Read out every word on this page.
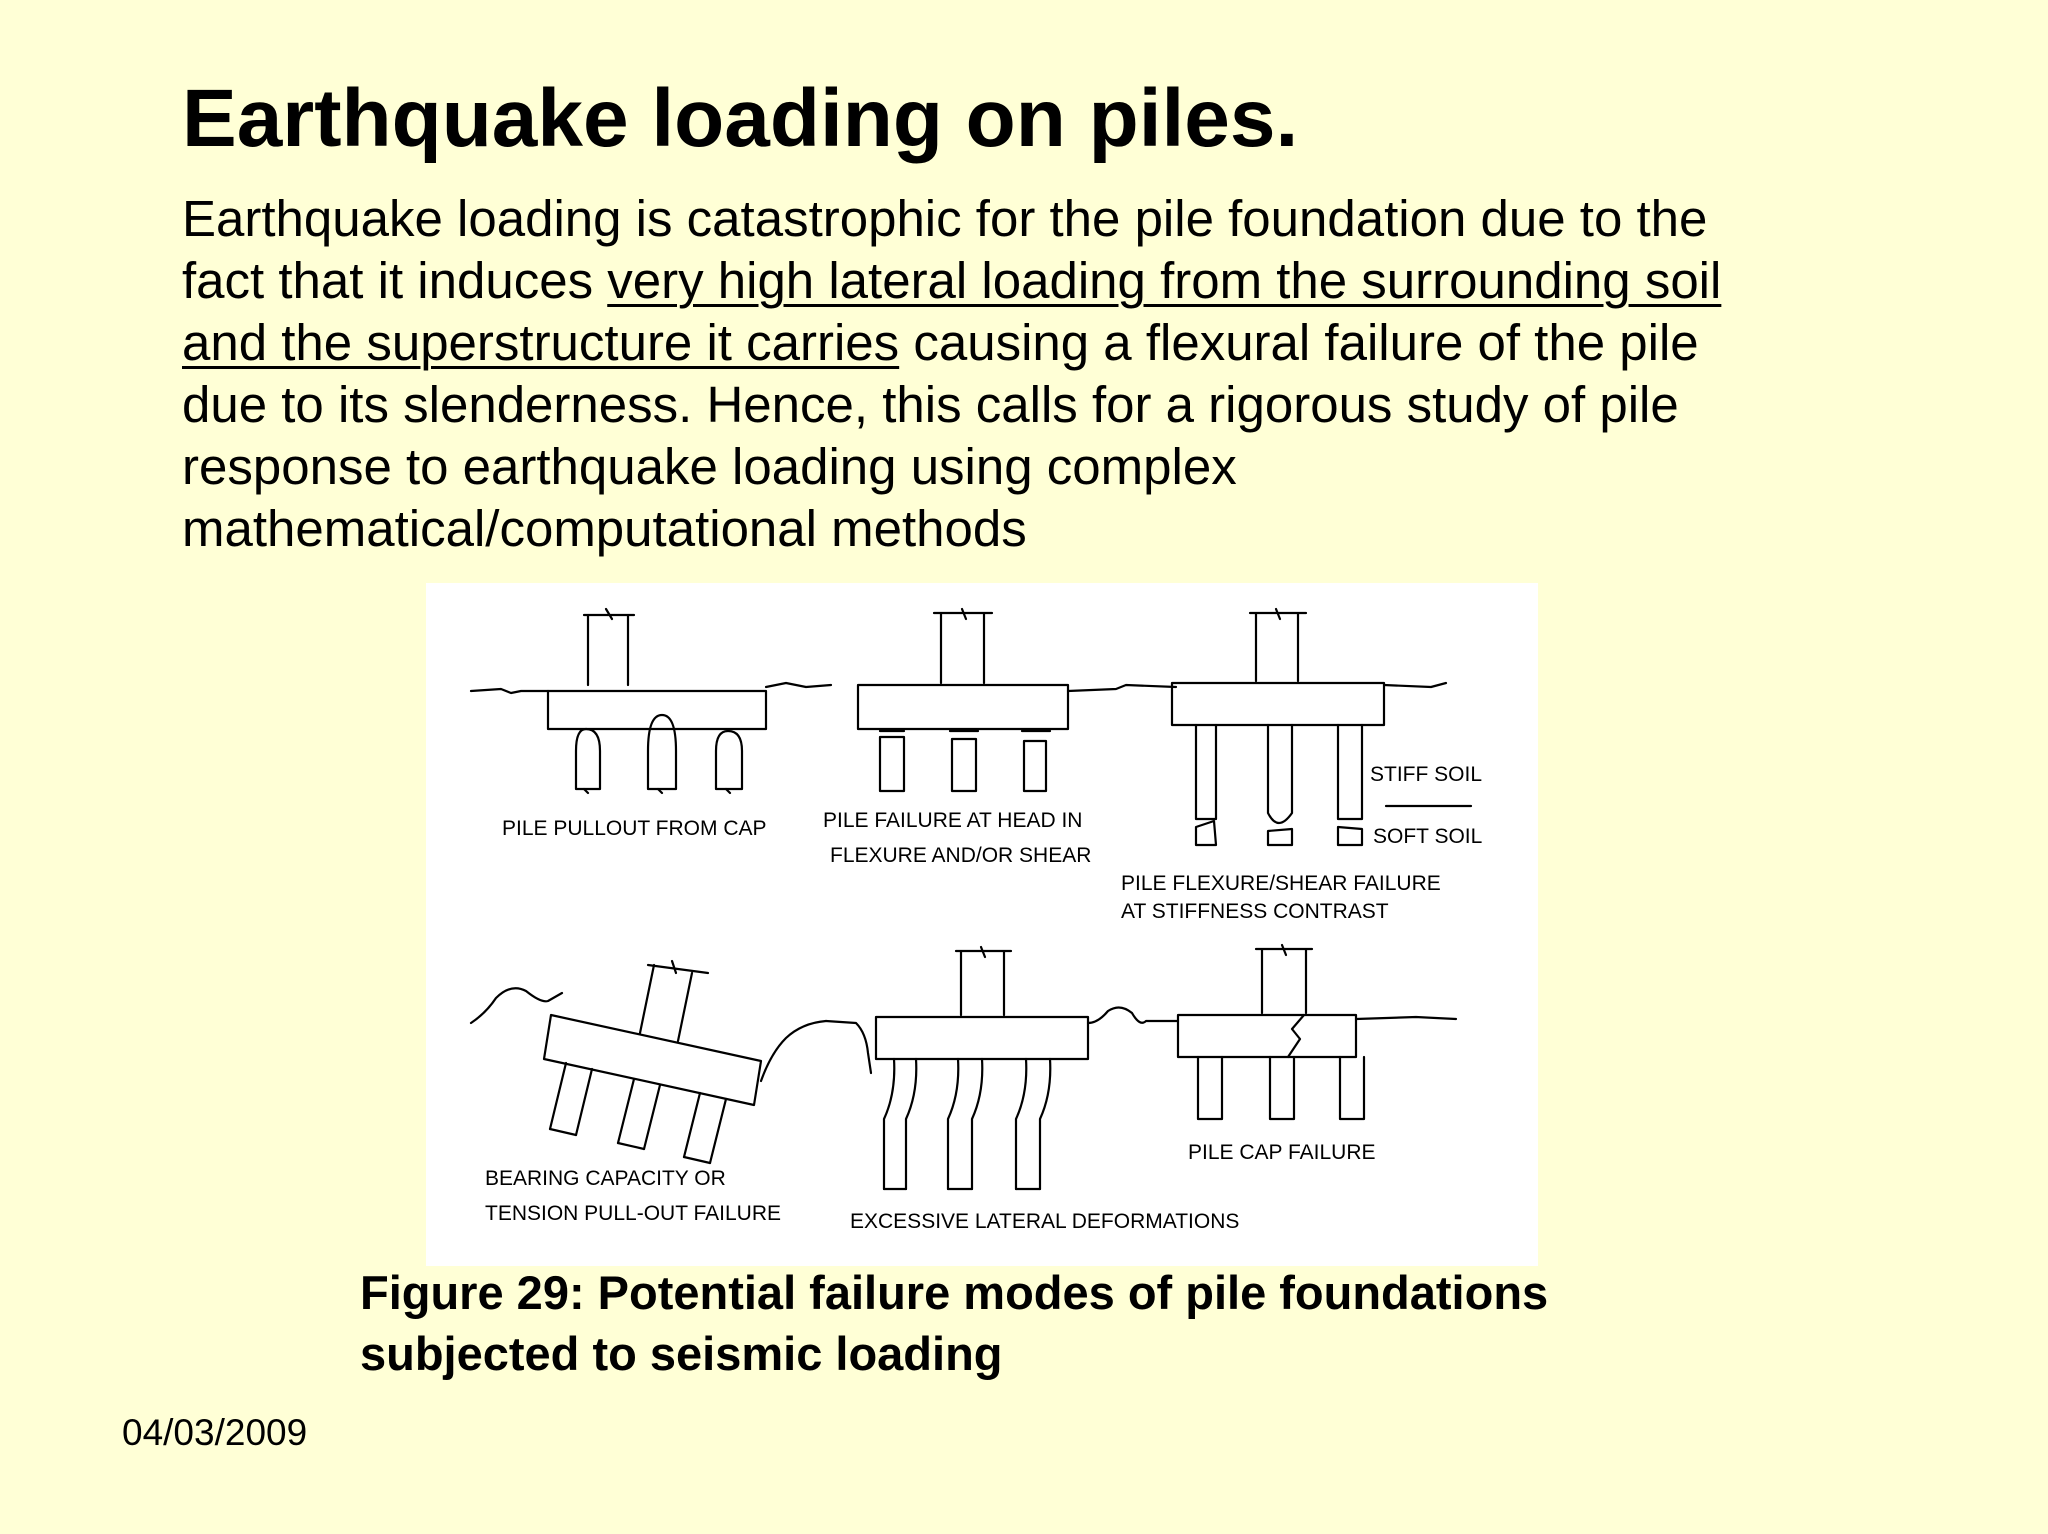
Earthquake loading on piles.
Earthquake loading is catastrophic for the pile foundation due to the
fact that it induces very high lateral loading from the surrounding soil
and the superstructure it carries causing a flexural failure of the pile
due to its slenderness. Hence, this calls for a rigorous study of pile
response to earthquake loading using complex
mathematical/computational methods
PILE PULLOUT FROM CAP	PILE FAILURE AT HEAD IN
FLEXURE AND/OR SHEAR
STIFF SOIL
SOFT SOIL
PILE FLEXURE/SHEAR FAILURE
AT STIFFNESS CONTRAST
BEARING CAPACITY OR
TENSION PULL-OUT FAILURE	EXCESSIVE LATERAL DEFORMATIONS
PILE CAP FAILURE
Figure 29: Potential failure modes of pile foundations
subjected to seismic loading
04/03/2009
